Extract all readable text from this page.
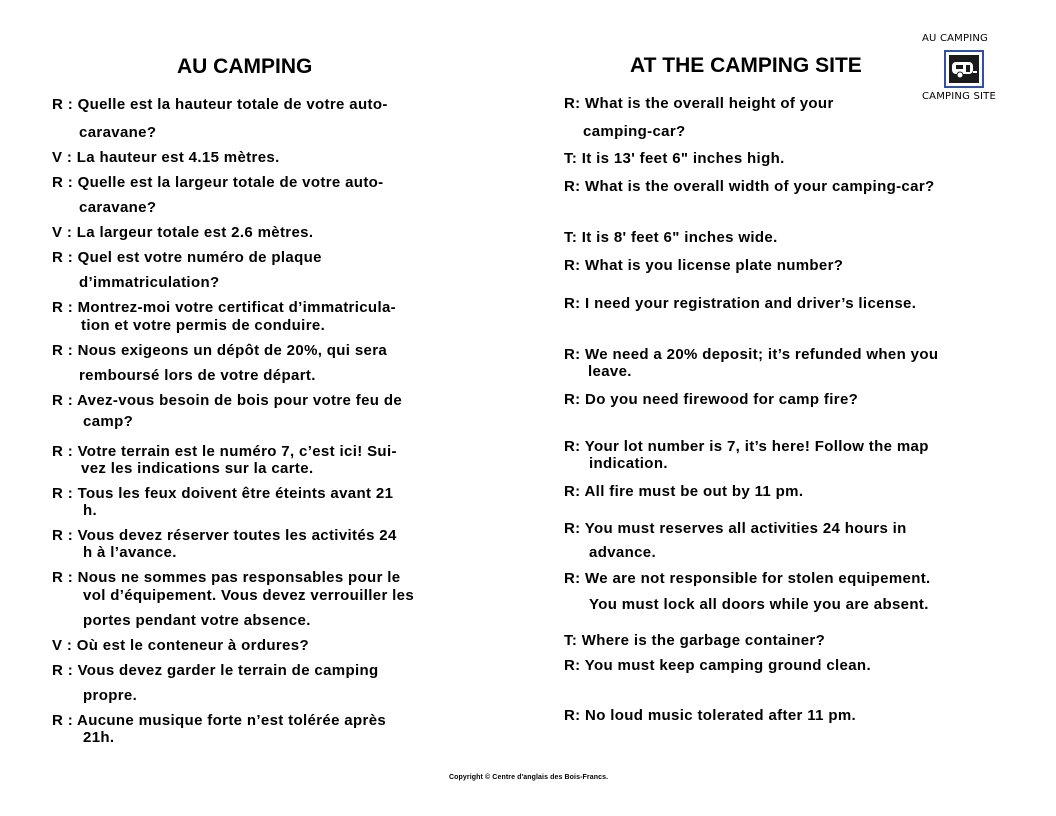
AU CAMPING
CAMPING SITE
AU CAMPING
R : Quelle est la hauteur totale de votre auto-
caravane?
V : La hauteur est 4.15 mètres.
R : Quelle est la largeur totale de votre auto-
caravane?
V : La largeur totale est 2.6 mètres.
R : Quel est votre numéro de plaque
d’immatriculation?
R : Montrez-moi votre certificat d’immatricula-
tion et votre permis de conduire.
R : Nous exigeons un dépôt de 20%, qui sera
remboursé lors de votre départ.
R : Avez-vous besoin de bois pour votre feu de
camp?
R : Votre terrain est le numéro 7, c’est ici! Sui-
vez les indications sur la carte.
R : Tous les feux doivent être éteints avant 21
h.
R : Vous devez réserver toutes les activités 24
h à l’avance.
R : Nous ne sommes pas responsables pour le
vol d’équipement. Vous devez verrouiller les
portes pendant votre absence.
V : Où est le conteneur à ordures?
R : Vous devez garder le terrain de camping
propre.
R : Aucune musique forte n’est tolérée après
21h.
AT THE CAMPING SITE
R: What is the overall height of your
camping-car?
T: It is 13' feet 6" inches high.
R: What is the overall width of your camping-car?
T: It is 8' feet 6" inches wide.
R: What is you license plate number?
R: I need your registration and driver’s license.
R: We need a 20% deposit; it’s refunded when you
leave.
R: Do you need firewood for camp fire?
R: Your lot number is 7, it’s here! Follow the map
indication.
R: All fire must be out by 11 pm.
R: You must reserves all activities 24 hours in
advance.
R: We are not responsible for stolen equipement.
You must lock all doors while you are absent.
T: Where is the garbage container?
R: You must keep camping ground clean.
R: No loud music tolerated after 11 pm.
Copyright © Centre d'anglais des Bois-Francs.
